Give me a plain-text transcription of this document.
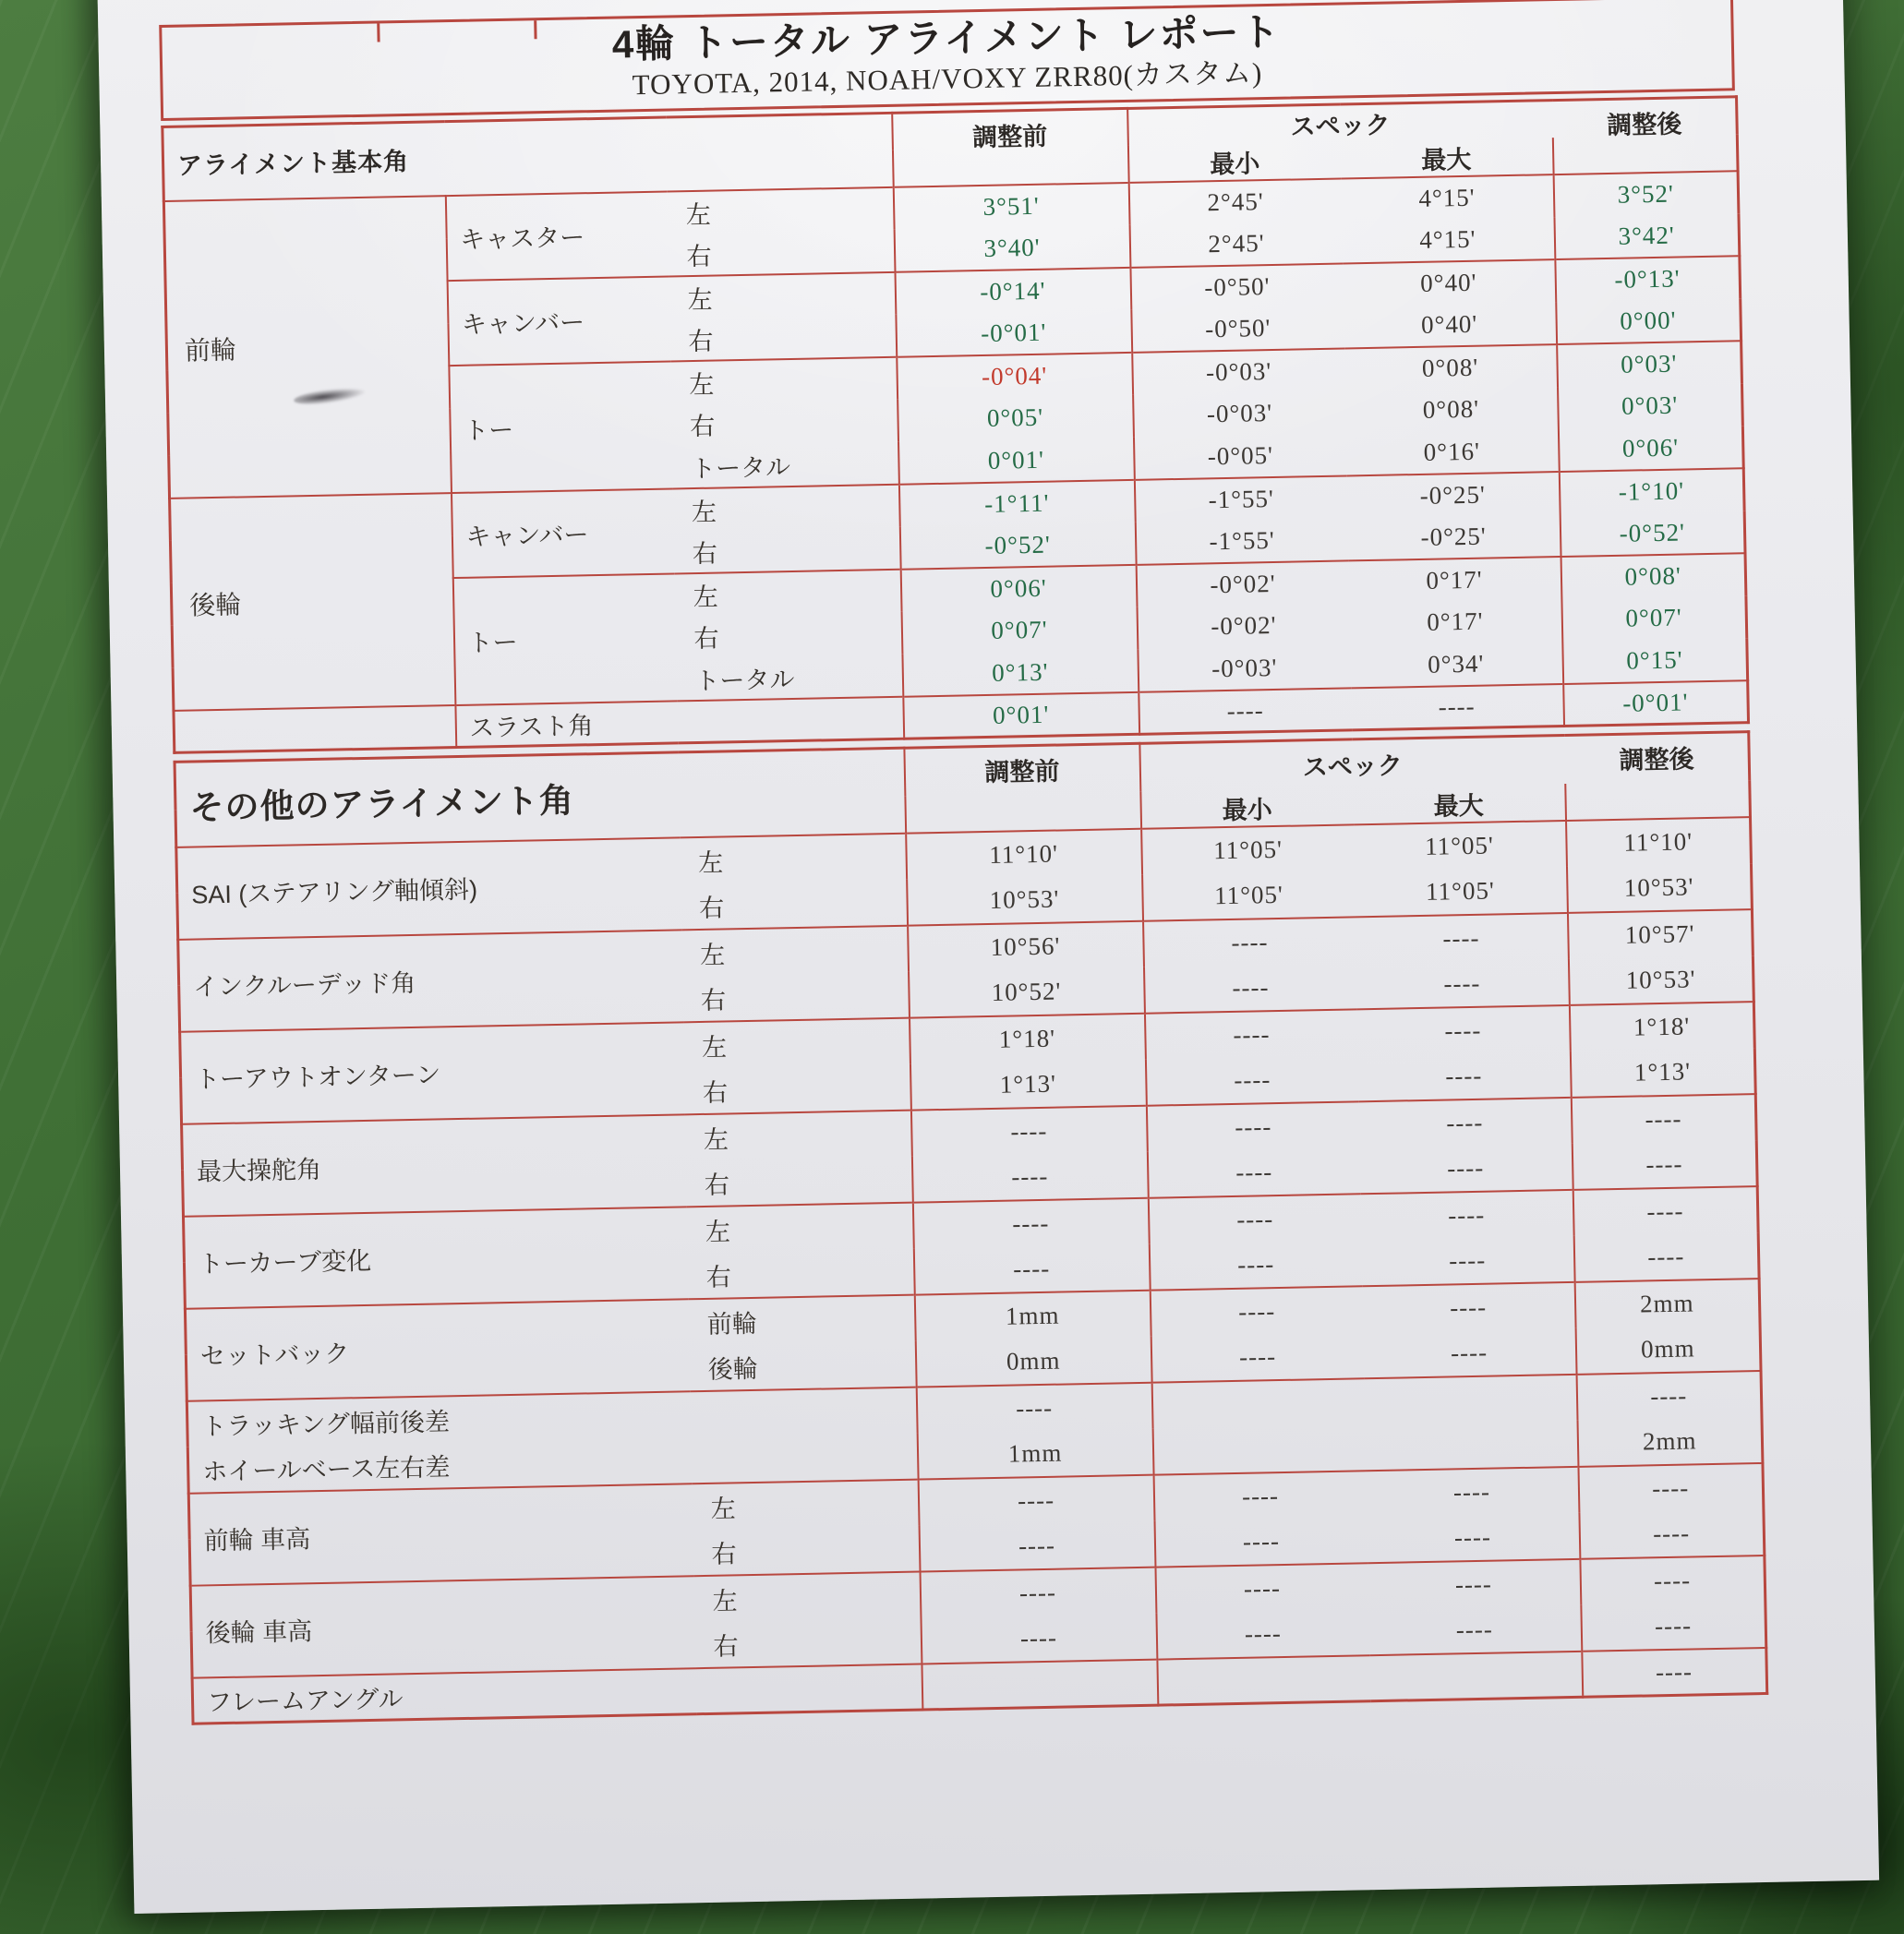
4輪 トータル アライメント レポート
TOYOTA, 2014, NOAH/VOXY ZRR80(カスタム)
アライメント基本角			調整前	スペック		調整後
				最小	最大	
前輪	キャスター	左	3°51'	2°45'	4°15'	3°52'
		右	3°40'	2°45'	4°15'	3°42'
	キャンバー	左	-0°14'	-0°50'	0°40'	-0°13'
		右	-0°01'	-0°50'	0°40'	0°00'
	トー	左	-0°04'	-0°03'	0°08'	0°03'
		右	0°05'	-0°03'	0°08'	0°03'
		トータル	0°01'	-0°05'	0°16'	0°06'
後輪	キャンバー	左	-1°11'	-1°55'	-0°25'	-1°10'
		右	-0°52'	-1°55'	-0°25'	-0°52'
	トー	左	0°06'	-0°02'	0°17'	0°08'
		右	0°07'	-0°02'	0°17'	0°07'
		トータル	0°13'	-0°03'	0°34'	0°15'
	スラスト角		0°01'	----	----	-0°01'
その他のアライメント角		調整前	スペック		調整後
			最小	最大	
SAI (ステアリング軸傾斜)	左	11°10'	11°05'	11°05'	11°10'
	右	10°53'	11°05'	11°05'	10°53'
インクルーデッド角	左	10°56'	----	----	10°57'
	右	10°52'	----	----	10°53'
トーアウトオンターン	左	1°18'	----	----	1°18'
	右	1°13'	----	----	1°13'
最大操舵角	左	----	----	----	----
	右	----	----	----	----
トーカーブ変化	左	----	----	----	----
	右	----	----	----	----
セットバック	前輪	1mm	----	----	2mm
	後輪	0mm	----	----	0mm
トラッキング幅前後差		----			----
ホイールベース左右差		1mm			2mm
前輪 車高	左	----	----	----	----
	右	----	----	----	----
後輪 車高	左	----	----	----	----
	右	----	----	----	----
フレームアングル					----
